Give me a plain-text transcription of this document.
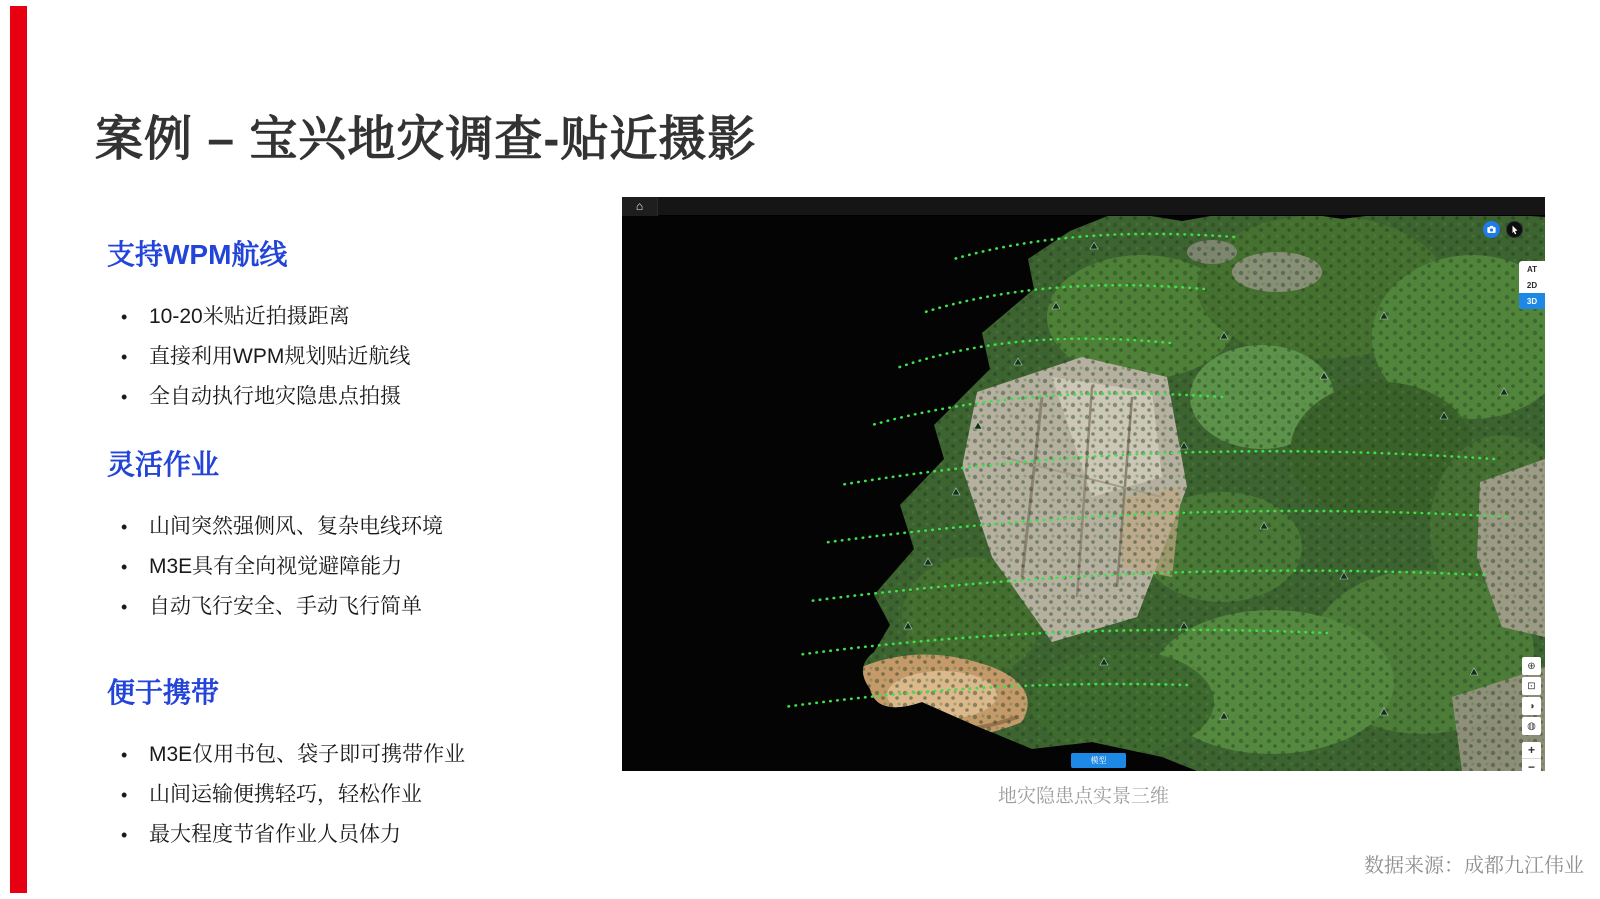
案例 – 宝兴地灾调查-贴近摄影
支持WPM航线
• 10-20米贴近拍摄距离
• 直接利用WPM规划贴近航线
• 全自动执行地灾隐患点拍摄
灵活作业
• 山间突然强侧风、复杂电线环境
• M3E具有全向视觉避障能力
• 自动飞行安全、手动飞行简单
便于携带
• M3E仅用书包、袋子即可携带作业
• 山间运输便携轻巧，轻松作业
• 最大程度节省作业人员体力
⌂
AT
2D
3D
⊕
⊡
◑
◍
+
−
模型
地灾隐患点实景三维
数据来源：成都九江伟业
